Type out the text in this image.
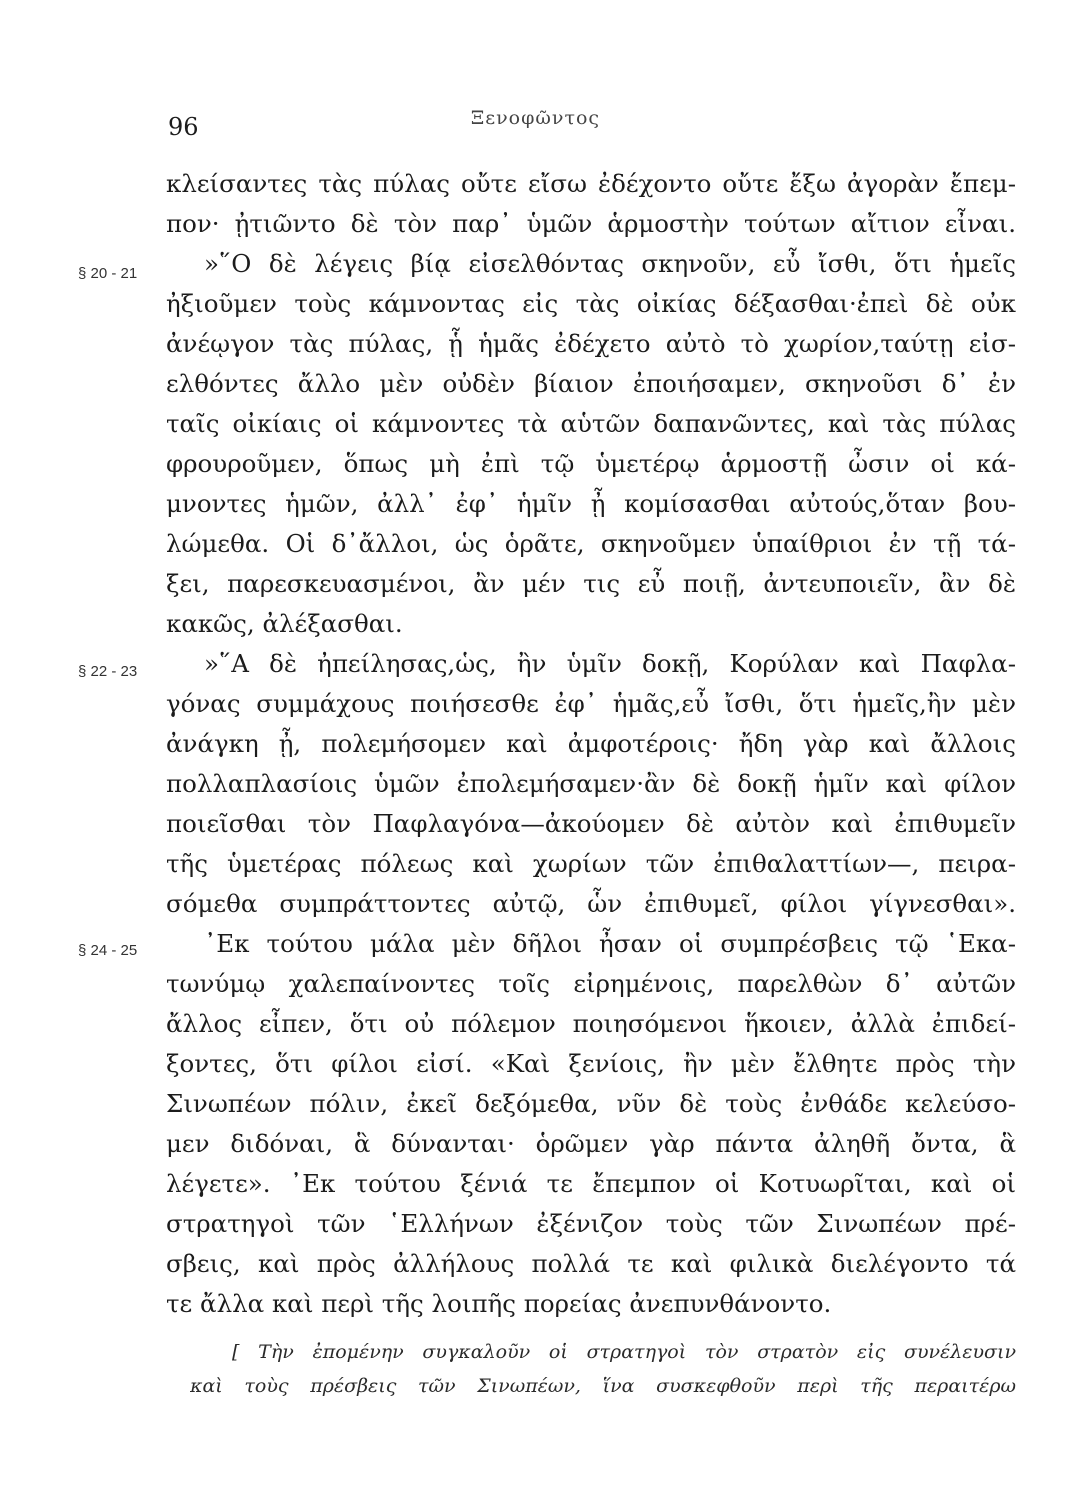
96	Ξενοφῶντος
§ 20 - 21
§ 22 - 23
§ 24 - 25
κλείσαντες τὰς πύλας οὔτε εἴσω ἐδέχοντο οὔτε ἔξω ἀγορὰν ἔπεμ-
πον· ᾐτιῶντο δὲ τὸν παρ᾽ ὑμῶν ἁρμοστὴν τούτων αἴτιον εἶναι.
»῞Ο δὲ λέγεις βίᾳ εἰσελθόντας σκηνοῦν, εὖ ἴσθι, ὅτι ἡμεῖς
ἠξιοῦμεν τοὺς κάμνοντας εἰς τὰς οἰκίας δέξασθαι·ἐπεὶ δὲ οὐκ
ἀνέῳγον τὰς πύλας, ᾗ ἡμᾶς ἐδέχετο αὐτὸ τὸ χωρίον,ταύτῃ εἰσ-
ελθόντες ἄλλο μὲν οὐδὲν βίαιον ἐποιήσαμεν, σκηνοῦσι δ᾽ ἐν
ταῖς οἰκίαις οἱ κάμνοντες τὰ αὑτῶν δαπανῶντες, καὶ τὰς πύλας
φρουροῦμεν, ὅπως μὴ ἐπὶ τῷ ὑμετέρῳ ἁρμοστῇ ὦσιν οἱ κά-
μνοντες ἡμῶν, ἀλλ᾽ ἐφ᾽ ἡμῖν ᾖ κομίσασθαι αὐτούς,ὅταν βου-
λώμεθα. Οἱ δ᾽ἄλλοι, ὡς ὁρᾶτε, σκηνοῦμεν ὑπαίθριοι ἐν τῇ τά-
ξει, παρεσκευασμένοι, ἂν μέν τις εὖ ποιῇ, ἀντευποιεῖν, ἂν δὲ
κακῶς, ἀλέξασθαι.
»῞Α δὲ ἠπείλησας,ὡς, ἢν ὑμῖν δοκῇ, Κορύλαν καὶ Παφλα-
γόνας συμμάχους ποιήσεσθε ἐφ᾽ ἡμᾶς,εὖ ἴσθι, ὅτι ἡμεῖς,ἢν μὲν
ἀνάγκη ᾖ, πολεμήσομεν καὶ ἀμφοτέροις· ἤδη γὰρ καὶ ἄλλοις
πολλαπλασίοις ὑμῶν ἐπολεμήσαμεν·ἂν δὲ δοκῇ ἡμῖν καὶ φίλον
ποιεῖσθαι τὸν Παφλαγόνα—ἀκούομεν δὲ αὐτὸν καὶ ἐπιθυμεῖν
τῆς ὑμετέρας πόλεως καὶ χωρίων τῶν ἐπιθαλαττίων—, πειρα-
σόμεθα συμπράττοντες αὐτῷ, ὧν ἐπιθυμεῖ, φίλοι γίγνεσθαι».
᾽Εκ τούτου μάλα μὲν δῆλοι ἦσαν οἱ συμπρέσβεις τῷ ῾Εκα-
τωνύμῳ χαλεπαίνοντες τοῖς εἰρημένοις, παρελθὼν δ᾽ αὐτῶν
ἄλλος εἶπεν, ὅτι οὐ πόλεμον ποιησόμενοι ἥκοιεν, ἀλλὰ ἐπιδεί-
ξοντες, ὅτι φίλοι εἰσί. «Καὶ ξενίοις, ἢν μὲν ἔλθητε πρὸς τὴν
Σινωπέων πόλιν, ἐκεῖ δεξόμεθα, νῦν δὲ τοὺς ἐνθάδε κελεύσο-
μεν διδόναι, ἃ δύνανται· ὁρῶμεν γὰρ πάντα ἀληθῆ ὄντα, ἃ
λέγετε». ᾽Εκ τούτου ξένιά τε ἔπεμπον οἱ Κοτυωρῖται, καὶ οἱ
στρατηγοὶ τῶν ῾Ελλήνων ἐξένιζον τοὺς τῶν Σινωπέων πρέ-
σβεις, καὶ πρὸς ἀλλήλους πολλά τε καὶ φιλικὰ διελέγοντο τά
τε ἄλλα καὶ περὶ τῆς λοιπῆς πορείας ἀνεπυνθάνοντο.
[ Τὴν ἐπομένην συγκαλοῦν οἱ στρατηγοὶ τὸν στρατὸν εἰς συνέλευσιν
καὶ τοὺς πρέσβεις τῶν Σινωπέων, ἵνα συσκεφθοῦν περὶ τῆς περαιτέρω
